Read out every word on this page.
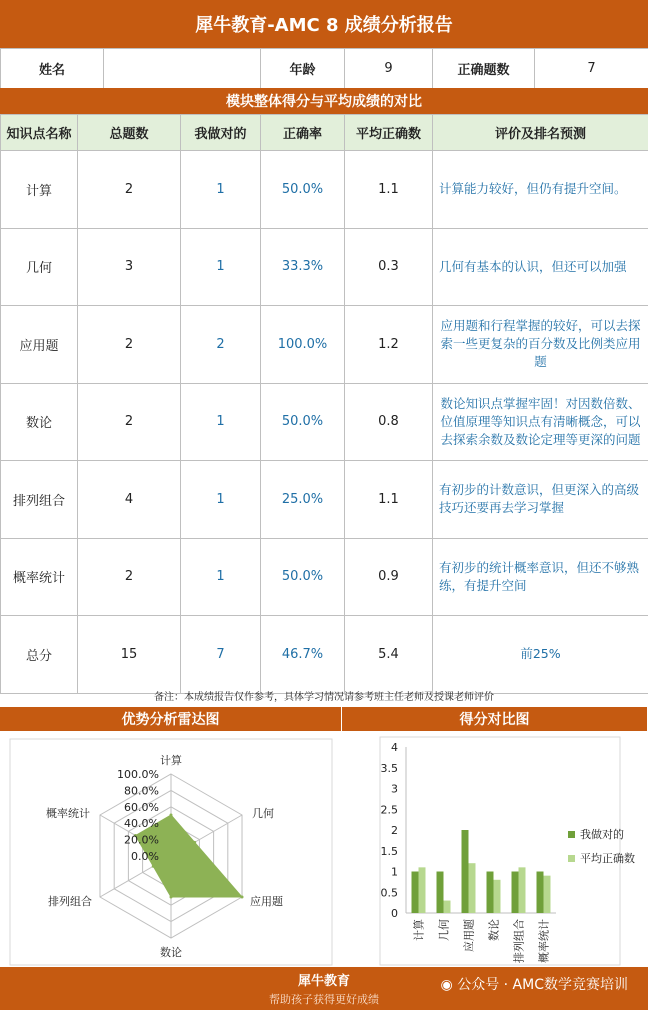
犀牛教育-AMC 8 成绩分析报告
姓名		年龄	9	正确题数	7
模块整体得分与平均成绩的对比
知识点名称	总题数	我做对的	正确率	平均正确数	评价及排名预测
计算	2	1	50.0%	1.1	计算能力较好，但仍有提升空间。
几何	3	1	33.3%	0.3	几何有基本的认识，但还可以加强
应用题	2	2	100.0%	1.2	应用题和行程掌握的较好，可以去探索一些更复杂的百分数及比例类应用题
数论	2	1	50.0%	0.8	数论知识点掌握牢固！对因数倍数、位值原理等知识点有清晰概念，可以去探索余数及数论定理等更深的问题
排列组合	4	1	25.0%	1.1	有初步的计数意识，但更深入的高级技巧还要再去学习掌握
概率统计	2	1	50.0%	0.9	有初步的统计概率意识，但还不够熟练，有提升空间
总分	15	7	46.7%	5.4	前25%
备注：本成绩报告仅作参考，具体学习情况请参考班主任老师及授课老师评价
优势分析雷达图	得分对比图
100.0%
80.0%
60.0%
40.0%
20.0%
0.0%
计算
几何
应用题
数论
排列组合
概率统计
4
3.5
3
2.5
2
1.5
1
0.5
0
计算 几何 应用题 数论 排列组合 概率统计
我做对的
平均正确数
犀牛教育
帮助孩子获得更好成绩
◉ 公众号 · AMC数学竞赛培训
